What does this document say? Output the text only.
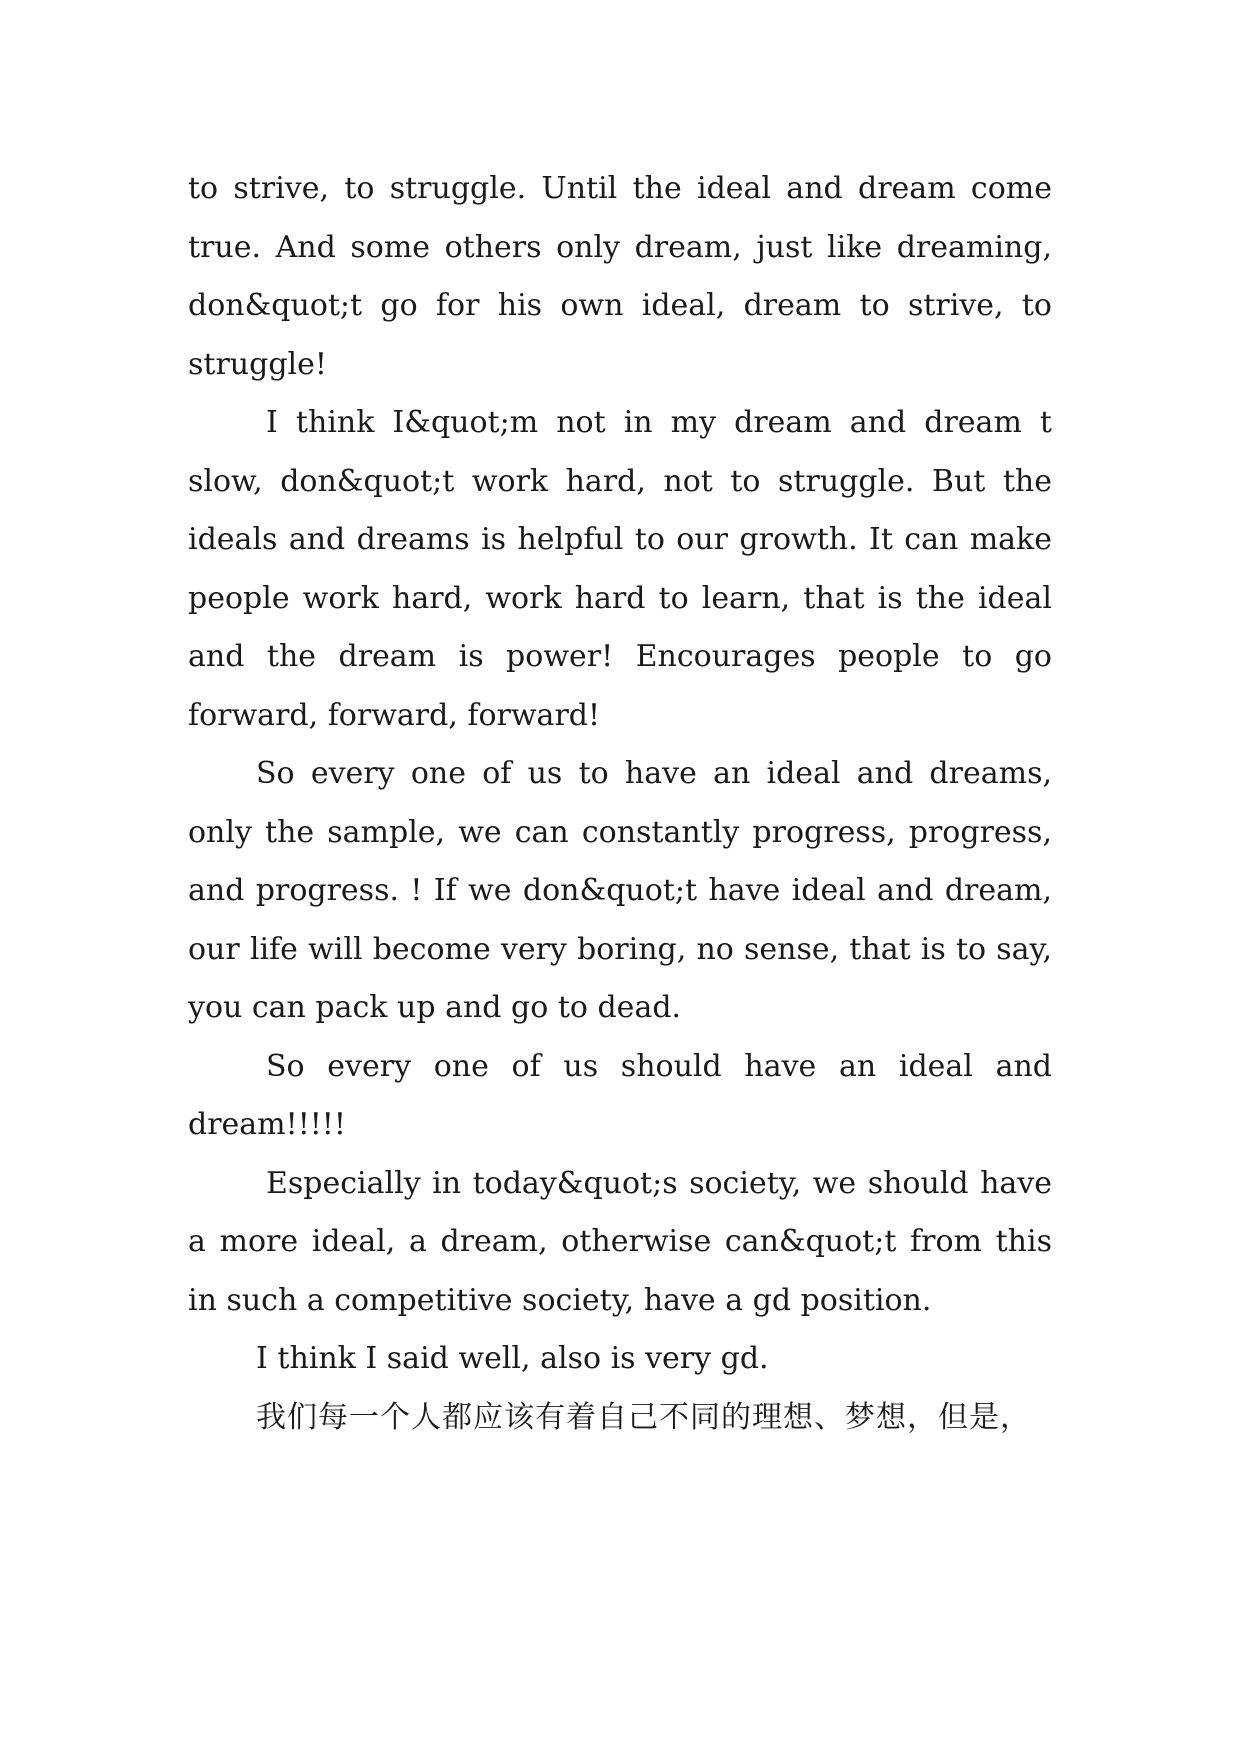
to strive, to struggle. Until the ideal and dream come true. And some others only dream, just like dreaming, don&quot;t go for his own ideal, dream to strive, to struggle!

I think I&quot;m not in my dream and dream t slow, don&quot;t work hard, not to struggle. But the ideals and dreams is helpful to our growth. It can make people work hard, work hard to learn, that is the ideal and the dream is power! Encourages people to go forward, forward, forward!

So every one of us to have an ideal and dreams, only the sample, we can constantly progress, progress, and progress. ! If we don&quot;t have ideal and dream, our life will become very boring, no sense, that is to say, you can pack up and go to dead.

So every one of us should have an ideal and dream!!!!!

Especially in today&quot;s society, we should have a more ideal, a dream, otherwise can&quot;t from this in such a competitive society, have a gd position.

I think I said well, also is very gd.

我们每一个人都应该有着自己不同的理想、梦想，但是，
